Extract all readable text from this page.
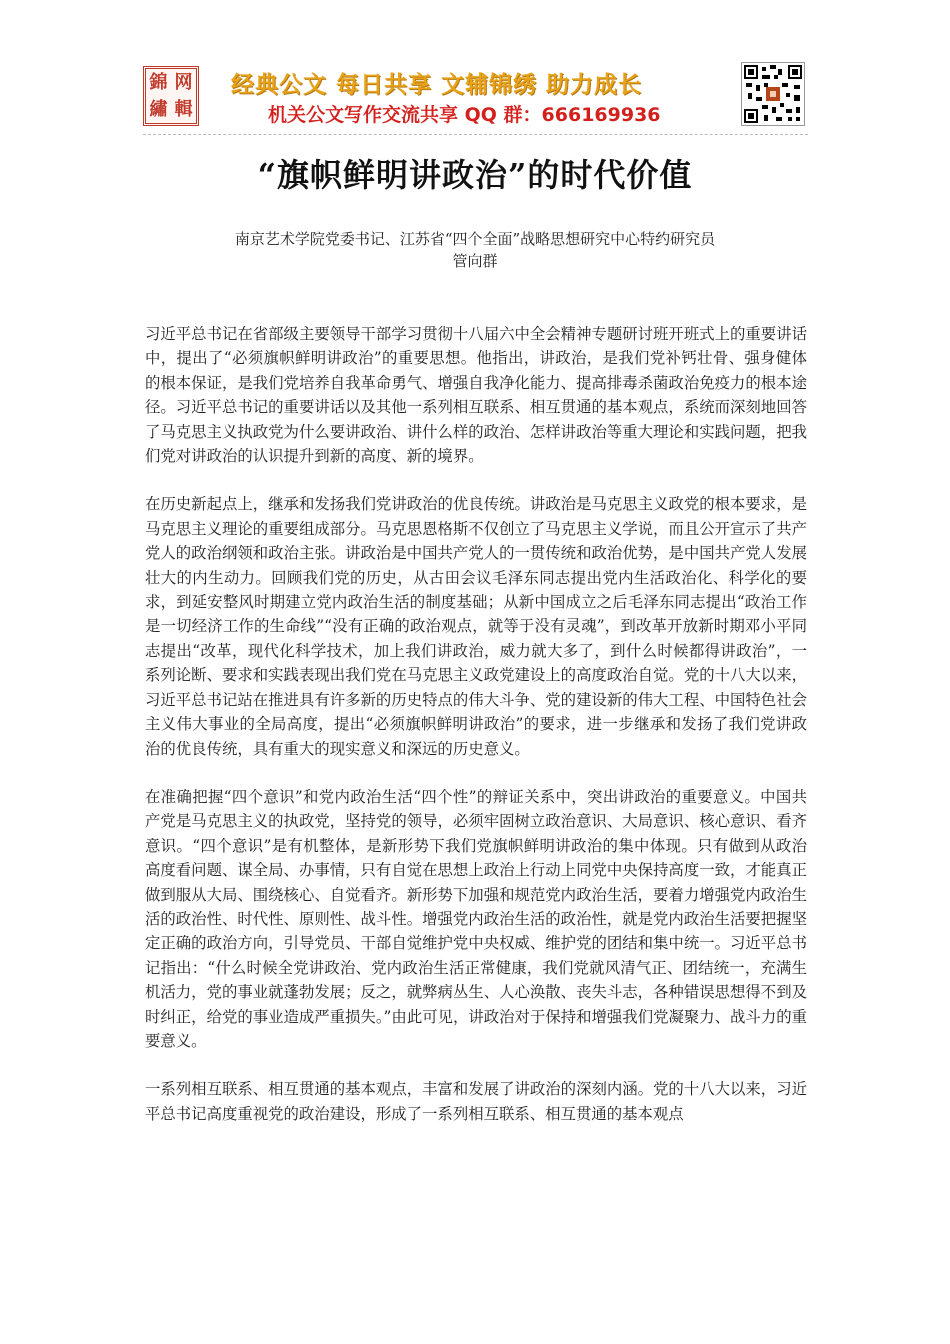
錦 网
繡 輯
经典公文 每日共享 文辅锦绣 助力成长
机关公文写作交流共享 QQ 群：666169936
“旗帜鲜明讲政治”的时代价值
南京艺术学院党委书记、江苏省“四个全面”战略思想研究中心特约研究员
管向群

习近平总书记在省部级主要领导干部学习贯彻十八届六中全会精神专题研讨班开班式上的重要讲话中，提出了“必须旗帜鲜明讲政治”的重要思想。他指出，讲政治，是我们党补钙壮骨、强身健体的根本保证，是我们党培养自我革命勇气、增强自我净化能力、提高排毒杀菌政治免疫力的根本途径。习近平总书记的重要讲话以及其他一系列相互联系、相互贯通的基本观点，系统而深刻地回答了马克思主义执政党为什么要讲政治、讲什么样的政治、怎样讲政治等重大理论和实践问题，把我们党对讲政治的认识提升到新的高度、新的境界。

在历史新起点上，继承和发扬我们党讲政治的优良传统。讲政治是马克思主义政党的根本要求，是马克思主义理论的重要组成部分。马克思恩格斯不仅创立了马克思主义学说，而且公开宣示了共产党人的政治纲领和政治主张。讲政治是中国共产党人的一贯传统和政治优势，是中国共产党人发展壮大的内生动力。回顾我们党的历史，从古田会议毛泽东同志提出党内生活政治化、科学化的要求，到延安整风时期建立党内政治生活的制度基础；从新中国成立之后毛泽东同志提出“政治工作是一切经济工作的生命线”“没有正确的政治观点，就等于没有灵魂”，到改革开放新时期邓小平同志提出“改革，现代化科学技术，加上我们讲政治，威力就大多了，到什么时候都得讲政治”，一系列论断、要求和实践表现出我们党在马克思主义政党建设上的高度政治自觉。党的十八大以来，习近平总书记站在推进具有许多新的历史特点的伟大斗争、党的建设新的伟大工程、中国特色社会主义伟大事业的全局高度，提出“必须旗帜鲜明讲政治”的要求，进一步继承和发扬了我们党讲政治的优良传统，具有重大的现实意义和深远的历史意义。

在准确把握“四个意识”和党内政治生活“四个性”的辩证关系中，突出讲政治的重要意义。中国共产党是马克思主义的执政党，坚持党的领导，必须牢固树立政治意识、大局意识、核心意识、看齐意识。“四个意识”是有机整体，是新形势下我们党旗帜鲜明讲政治的集中体现。只有做到从政治高度看问题、谋全局、办事情，只有自觉在思想上政治上行动上同党中央保持高度一致，才能真正做到服从大局、围绕核心、自觉看齐。新形势下加强和规范党内政治生活，要着力增强党内政治生活的政治性、时代性、原则性、战斗性。增强党内政治生活的政治性，就是党内政治生活要把握坚定正确的政治方向，引导党员、干部自觉维护党中央权威、维护党的团结和集中统一。习近平总书记指出：“什么时候全党讲政治、党内政治生活正常健康，我们党就风清气正、团结统一，充满生机活力，党的事业就蓬勃发展；反之，就弊病丛生、人心涣散、丧失斗志，各种错误思想得不到及时纠正，给党的事业造成严重损失。”由此可见，讲政治对于保持和增强我们党凝聚力、战斗力的重要意义。

一系列相互联系、相互贯通的基本观点，丰富和发展了讲政治的深刻内涵。党的十八大以来，习近平总书记高度重视党的政治建设，形成了一系列相互联系、相互贯通的基本观点
